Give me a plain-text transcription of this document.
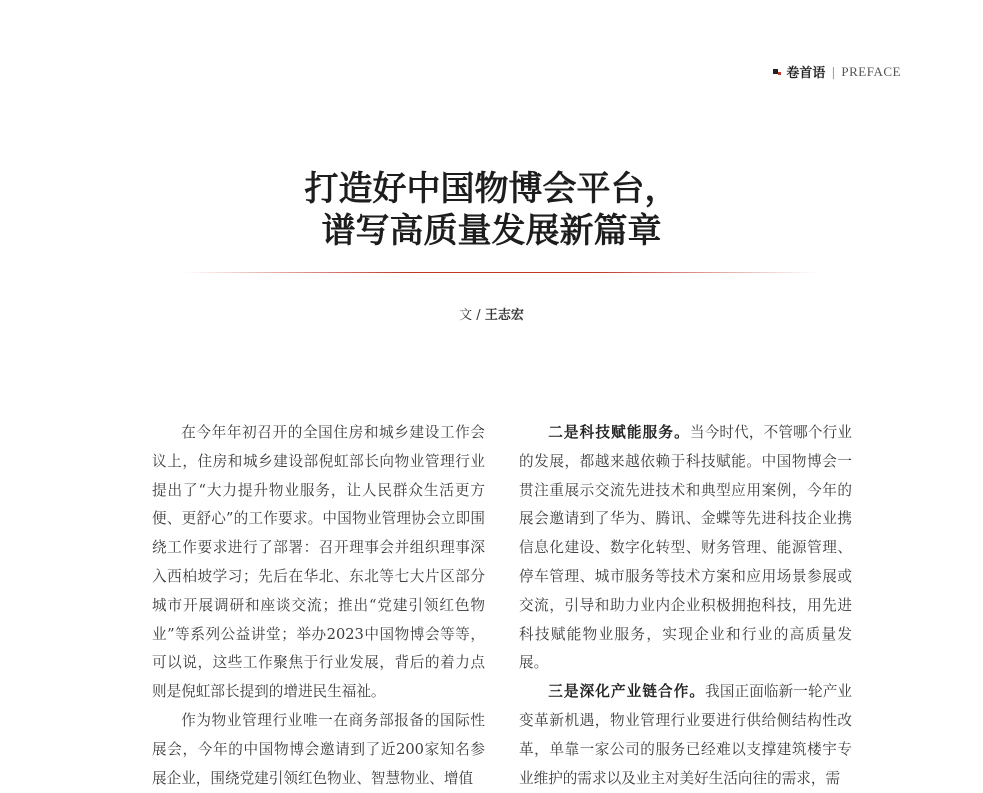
卷首语 | PREFACE
打造好中国物博会平台，
谱写高质量发展新篇章
文 / 王志宏

在今年年初召开的全国住房和城乡建设工作会议上，住房和城乡建设部倪虹部长向物业管理行业提出了“大力提升物业服务，让人民群众生活更方便、更舒心”的工作要求。中国物业管理协会立即围绕工作要求进行了部署：召开理事会并组织理事深入西柏坡学习；先后在华北、东北等七大片区部分城市开展调研和座谈交流；推出“党建引领红色物业”等系列公益讲堂；举办2023中国物博会等等，可以说，这些工作聚焦于行业发展，背后的着力点则是倪虹部长提到的增进民生福祉。

作为物业管理行业唯一在商务部报备的国际性展会，今年的中国物博会邀请到了近200家知名参展企业，围绕党建引领红色物业、智慧物业、增值

二是科技赋能服务。当今时代，不管哪个行业的发展，都越来越依赖于科技赋能。中国物博会一贯注重展示交流先进技术和典型应用案例，今年的展会邀请到了华为、腾讯、金蝶等先进科技企业携信息化建设、数字化转型、财务管理、能源管理、停车管理、城市服务等技术方案和应用场景参展或交流，引导和助力业内企业积极拥抱科技，用先进科技赋能物业服务，实现企业和行业的高质量发展。

三是深化产业链合作。我国正面临新一轮产业变革新机遇，物业管理行业要进行供给侧结构性改革，单靠一家公司的服务已经难以支撑建筑楼宇专业维护的需求以及业主对美好生活向往的需求，需
